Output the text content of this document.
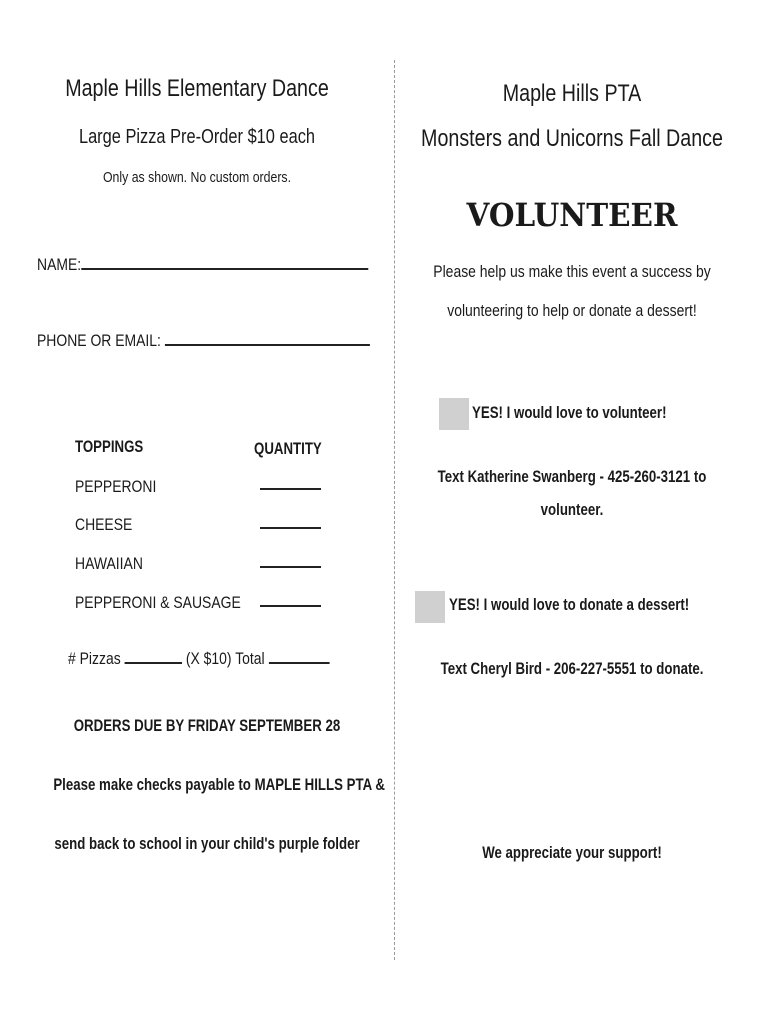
Maple Hills Elementary Dance
Large Pizza Pre-Order $10 each
Only as shown. No custom orders.
NAME:
PHONE OR EMAIL:
TOPPINGS	QUANTITY
PEPPERONI
CHEESE
HAWAIIAN
PEPPERONI & SAUSAGE
# Pizzas	(X $10) Total
ORDERS DUE BY FRIDAY SEPTEMBER 28
Please make checks payable to MAPLE HILLS PTA &
send back to school in your child's purple folder
Maple Hills PTA
Monsters and Unicorns Fall Dance
VOLUNTEER
Please help us make this event a success by
volunteering to help or donate a dessert!
YES! I would love to volunteer!
Text Katherine Swanberg - 425-260-3121 to
volunteer.
YES! I would love to donate a dessert!
Text Cheryl Bird - 206-227-5551 to donate.
We appreciate your support!
